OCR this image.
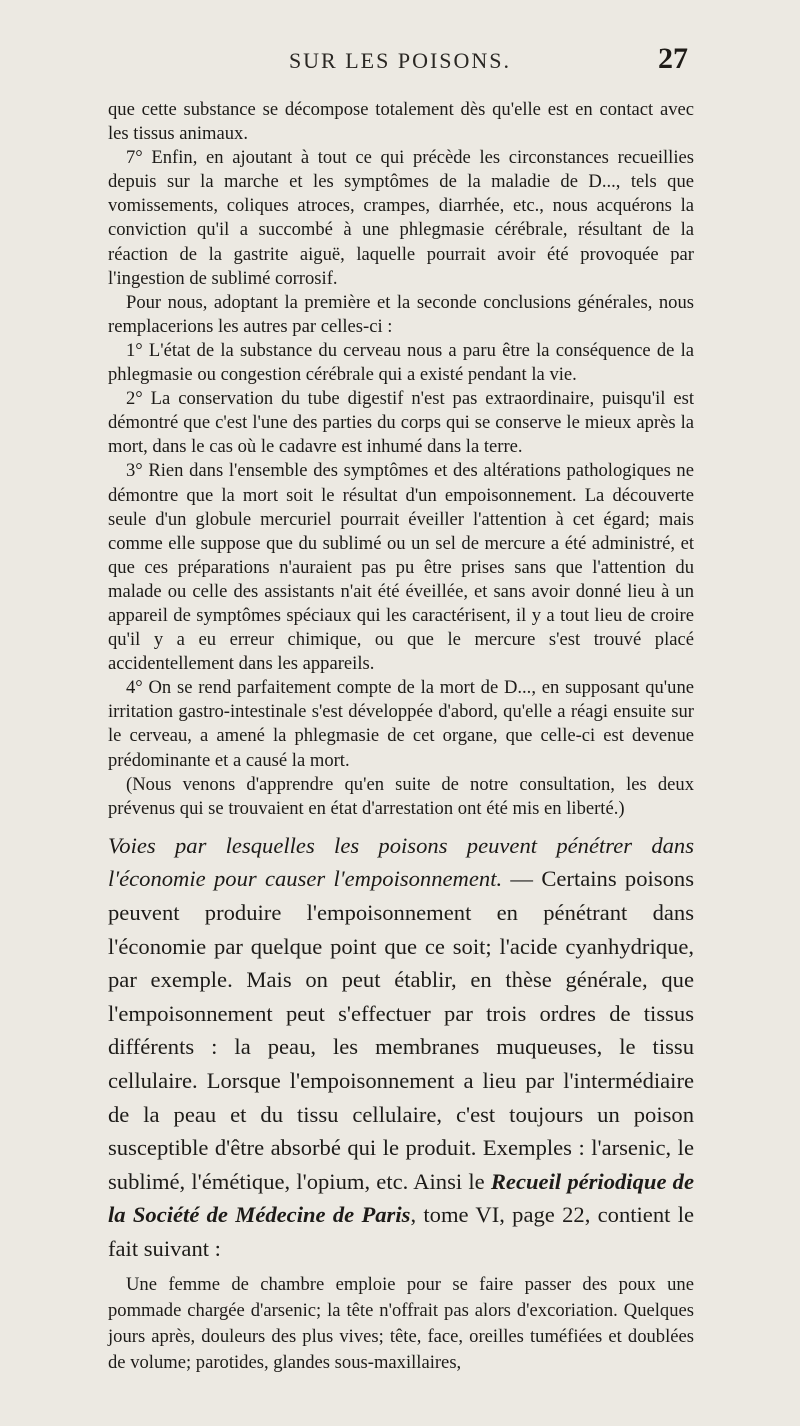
SUR LES POISONS.	27

que cette substance se décompose totalement dès qu'elle est en contact avec les tissus animaux.

7° Enfin, en ajoutant à tout ce qui précède les circonstances recueillies depuis sur la marche et les symptômes de la maladie de D..., tels que vomissements, coliques atroces, crampes, diarrhée, etc., nous acquérons la conviction qu'il a succombé à une phlegmasie cérébrale, résultant de la réaction de la gastrite aiguë, laquelle pourrait avoir été provoquée par l'ingestion de sublimé corrosif.

Pour nous, adoptant la première et la seconde conclusions générales, nous remplacerions les autres par celles-ci :

1° L'état de la substance du cerveau nous a paru être la conséquence de la phlegmasie ou congestion cérébrale qui a existé pendant la vie.

2° La conservation du tube digestif n'est pas extraordinaire, puisqu'il est démontré que c'est l'une des parties du corps qui se conserve le mieux après la mort, dans le cas où le cadavre est inhumé dans la terre.

3° Rien dans l'ensemble des symptômes et des altérations pathologiques ne démontre que la mort soit le résultat d'un empoisonnement. La découverte seule d'un globule mercuriel pourrait éveiller l'attention à cet égard; mais comme elle suppose que du sublimé ou un sel de mercure a été administré, et que ces préparations n'auraient pas pu être prises sans que l'attention du malade ou celle des assistants n'ait été éveillée, et sans avoir donné lieu à un appareil de symptômes spéciaux qui les caractérisent, il y a tout lieu de croire qu'il y a eu erreur chimique, ou que le mercure s'est trouvé placé accidentellement dans les appareils.

4° On se rend parfaitement compte de la mort de D..., en supposant qu'une irritation gastro-intestinale s'est développée d'abord, qu'elle a réagi ensuite sur le cerveau, a amené la phlegmasie de cet organe, que celle-ci est devenue prédominante et a causé la mort.

(Nous venons d'apprendre qu'en suite de notre consultation, les deux prévenus qui se trouvaient en état d'arrestation ont été mis en liberté.)

Voies par lesquelles les poisons peuvent pénétrer dans l'économie pour causer l'empoisonnement. — Certains poisons peuvent produire l'empoisonnement en pénétrant dans l'économie par quelque point que ce soit; l'acide cyanhydrique, par exemple. Mais on peut établir, en thèse générale, que l'empoisonnement peut s'effectuer par trois ordres de tissus différents : la peau, les membranes muqueuses, le tissu cellulaire. Lorsque l'empoisonnement a lieu par l'intermédiaire de la peau et du tissu cellulaire, c'est toujours un poison susceptible d'être absorbé qui le produit. Exemples : l'arsenic, le sublimé, l'émétique, l'opium, etc. Ainsi le Recueil périodique de la Société de Médecine de Paris, tome VI, page 22, contient le fait suivant :

Une femme de chambre emploie pour se faire passer des poux une pommade chargée d'arsenic; la tête n'offrait pas alors d'excoriation. Quelques jours après, douleurs des plus vives; tête, face, oreilles tuméfiées et doublées de volume; parotides, glandes sous-maxillaires,
